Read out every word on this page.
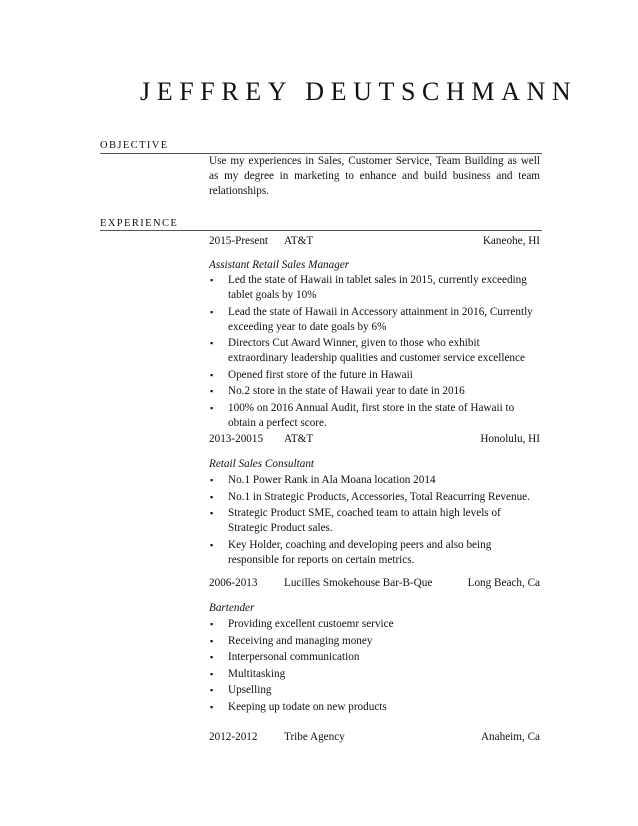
JEFFREY DEUTSCHMANN
OBJECTIVE
Use my experiences in Sales, Customer Service, Team Building as well as my degree in marketing to enhance and build business and team relationships.
EXPERIENCE
2015-Present AT&T	Kaneohe, HI
Assistant Retail Sales Manager
▪ Led the state of Hawaii in tablet sales in 2015, currently exceeding tablet goals by 10%
▪ Lead the state of Hawaii in Accessory attainment in 2016, Currently exceeding year to date goals by 6%
▪ Directors Cut Award Winner, given to those who exhibit extraordinary leadership qualities and customer service excellence
▪ Opened first store of the future in Hawaii
▪ No.2 store in the state of Hawaii year to date in 2016
▪ 100% on 2016 Annual Audit, first store in the state of Hawaii to obtain a perfect score.
2013-20015 AT&T	Honolulu, HI
Retail Sales Consultant
▪ No.1 Power Rank in Ala Moana location 2014
▪ No.1 in Strategic Products, Accessories, Total Reacurring Revenue.
▪ Strategic Product SME, coached team to attain high levels of Strategic Product sales.
▪ Key Holder, coaching and developing peers and also being responsible for reports on certain metrics.
2006-2013 Lucilles Smokehouse Bar-B-Que	Long Beach, Ca
Bartender
▪ Providing excellent custoemr service
▪ Receiving and managing money
▪ Interpersonal communication
▪ Multitasking
▪ Upselling
▪ Keeping up todate on new products
2012-2012 Tribe Agency	Anaheim, Ca
